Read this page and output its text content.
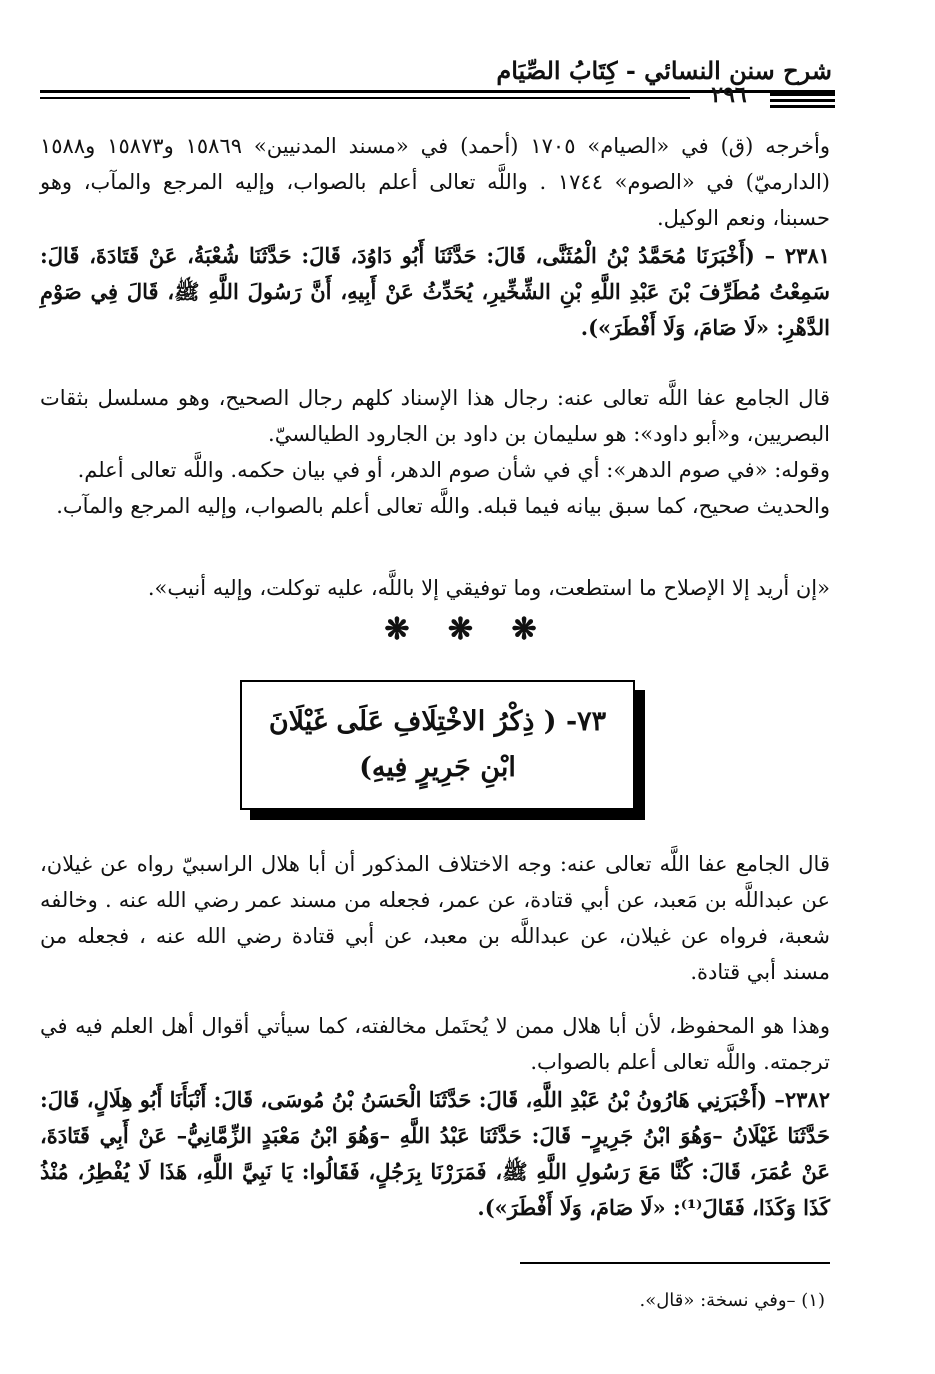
شرح سنن النسائي - كِتَابُ الصِّيَام
٢٩٦

وأخرجه (ق) في «الصيام» ١٧٠٥ (أحمد) في «مسند المدنيين» ١٥٨٦٩ و١٥٨٧٣ و١٥٨٨ (الدارميّ) في «الصوم» ١٧٤٤ . واللَّه تعالى أعلم بالصواب، وإليه المرجع والمآب، وهو حسبنا، ونعم الوكيل.

٢٣٨١ – (أَخْبَرَنَا مُحَمَّدُ بْنُ الْمُثَنَّى، قَالَ: حَدَّثَنَا أَبُو دَاوُدَ، قَالَ: حَدَّثَنَا شُعْبَةُ، عَنْ قَتَادَةَ، قَالَ: سَمِعْتُ مُطَرِّفَ بْنَ عَبْدِ اللَّهِ بْنِ الشِّخِّيرِ، يُحَدِّثُ عَنْ أَبِيهِ، أَنَّ رَسُولَ اللَّهِ ﷺ، قَالَ فِي صَوْمِ الدَّهْرِ: «لَا صَامَ، وَلَا أَفْطَرَ»).

قال الجامع عفا اللَّه تعالى عنه: رجال هذا الإسناد كلهم رجال الصحيح، وهو مسلسل بثقات البصريين، و«أبو داود»: هو سليمان بن داود بن الجارود الطيالسيّ.

وقوله: «في صوم الدهر»: أي في شأن صوم الدهر، أو في بيان حكمه. واللَّه تعالى أعلم.

والحديث صحيح، كما سبق بيانه فيما قبله. واللَّه تعالى أعلم بالصواب، وإليه المرجع والمآب.

«إن أريد إلا الإصلاح ما استطعت، وما توفيقي إلا باللَّه، عليه توكلت، وإليه أنيب».

❋ ❋ ❋
٧٣- ( ذِكْرُ الاخْتِلَافِ عَلَى غَيْلَانَ
ابْنِ جَرِيرٍ فِيهِ)

قال الجامع عفا اللَّه تعالى عنه: وجه الاختلاف المذكور أن أبا هلال الراسبيّ رواه عن غيلان، عن عبداللَّه بن مَعبد، عن أبي قتادة، عن عمر، فجعله من مسند عمر رضي الله عنه . وخالفه شعبة، فرواه عن غيلان، عن عبداللَّه بن معبد، عن أبي قتادة رضي الله عنه ، فجعله من مسند أبي قتادة.

وهذا هو المحفوظ، لأن أبا هلال ممن لا يُحتَمل مخالفته، كما سيأتي أقوال أهل العلم فيه في ترجمته. واللَّه تعالى أعلم بالصواب.

٢٣٨٢– (أَخْبَرَنِي هَارُونُ بْنُ عَبْدِ اللَّهِ، قَالَ: حَدَّثَنَا الْحَسَنُ بْنُ مُوسَى، قَالَ: أَنْبَأَنَا أَبُو هِلَالٍ، قَالَ: حَدَّثَنَا غَيْلَانُ –وَهُوَ ابْنُ جَرِيرٍ– قَالَ: حَدَّثَنَا عَبْدُ اللَّهِ –وَهُوَ ابْنُ مَعْبَدٍ الزِّمَّانِيُّ– عَنْ أَبِي قَتَادَةَ، عَنْ عُمَرَ، قَالَ: كُنَّا مَعَ رَسُولِ اللَّهِ ﷺ، فَمَرَرْنَا بِرَجُلٍ، فَقَالُوا: يَا نَبِيَّ اللَّهِ، هَذَا لَا يُفْطِرُ، مُنْذُ كَذَا وَكَذَا، فَقَالَ⁽¹⁾: «لَا صَامَ، وَلَا أَفْطَرَ»).

(١) –وفي نسخة: «قال».
